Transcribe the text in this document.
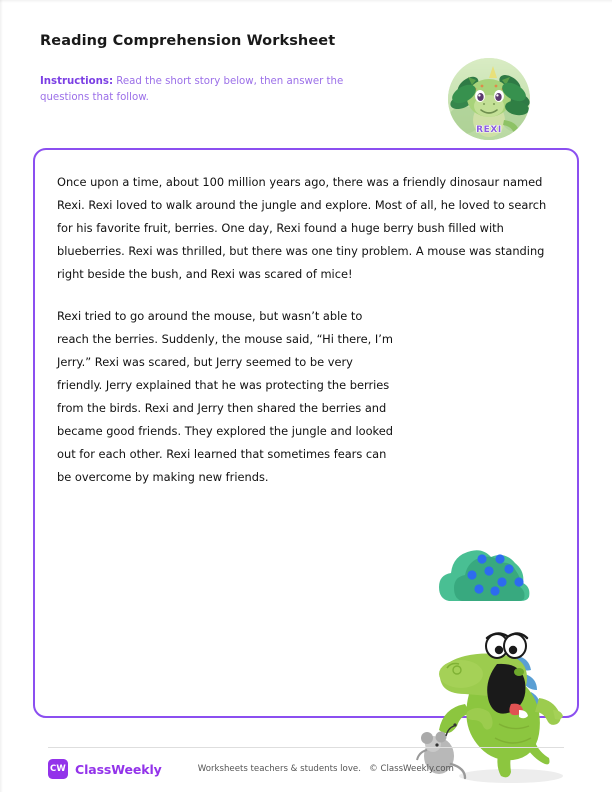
Reading Comprehension Worksheet
Instructions: Read the short story below, then answer the questions that follow.
REXI

Once upon a time, about 100 million years ago, there was a friendly dinosaur named Rexi. Rexi loved to walk around the jungle and explore. Most of all, he loved to search for his favorite fruit, berries. One day, Rexi found a huge berry bush filled with blueberries. Rexi was thrilled, but there was one tiny problem. A mouse was standing right beside the bush, and Rexi was scared of mice!

Rexi tried to go around the mouse, but wasn’t able to reach the berries. Suddenly, the mouse said, “Hi there, I’m Jerry.” Rexi was scared, but Jerry seemed to be very friendly. Jerry explained that he was protecting the berries from the birds. Rexi and Jerry then shared the berries and became good friends. They explored the jungle and looked out for each other. Rexi learned that sometimes fears can be overcome by making new friends.

CW ClassWeekly	Worksheets teachers & students love.   © ClassWeekly.com
